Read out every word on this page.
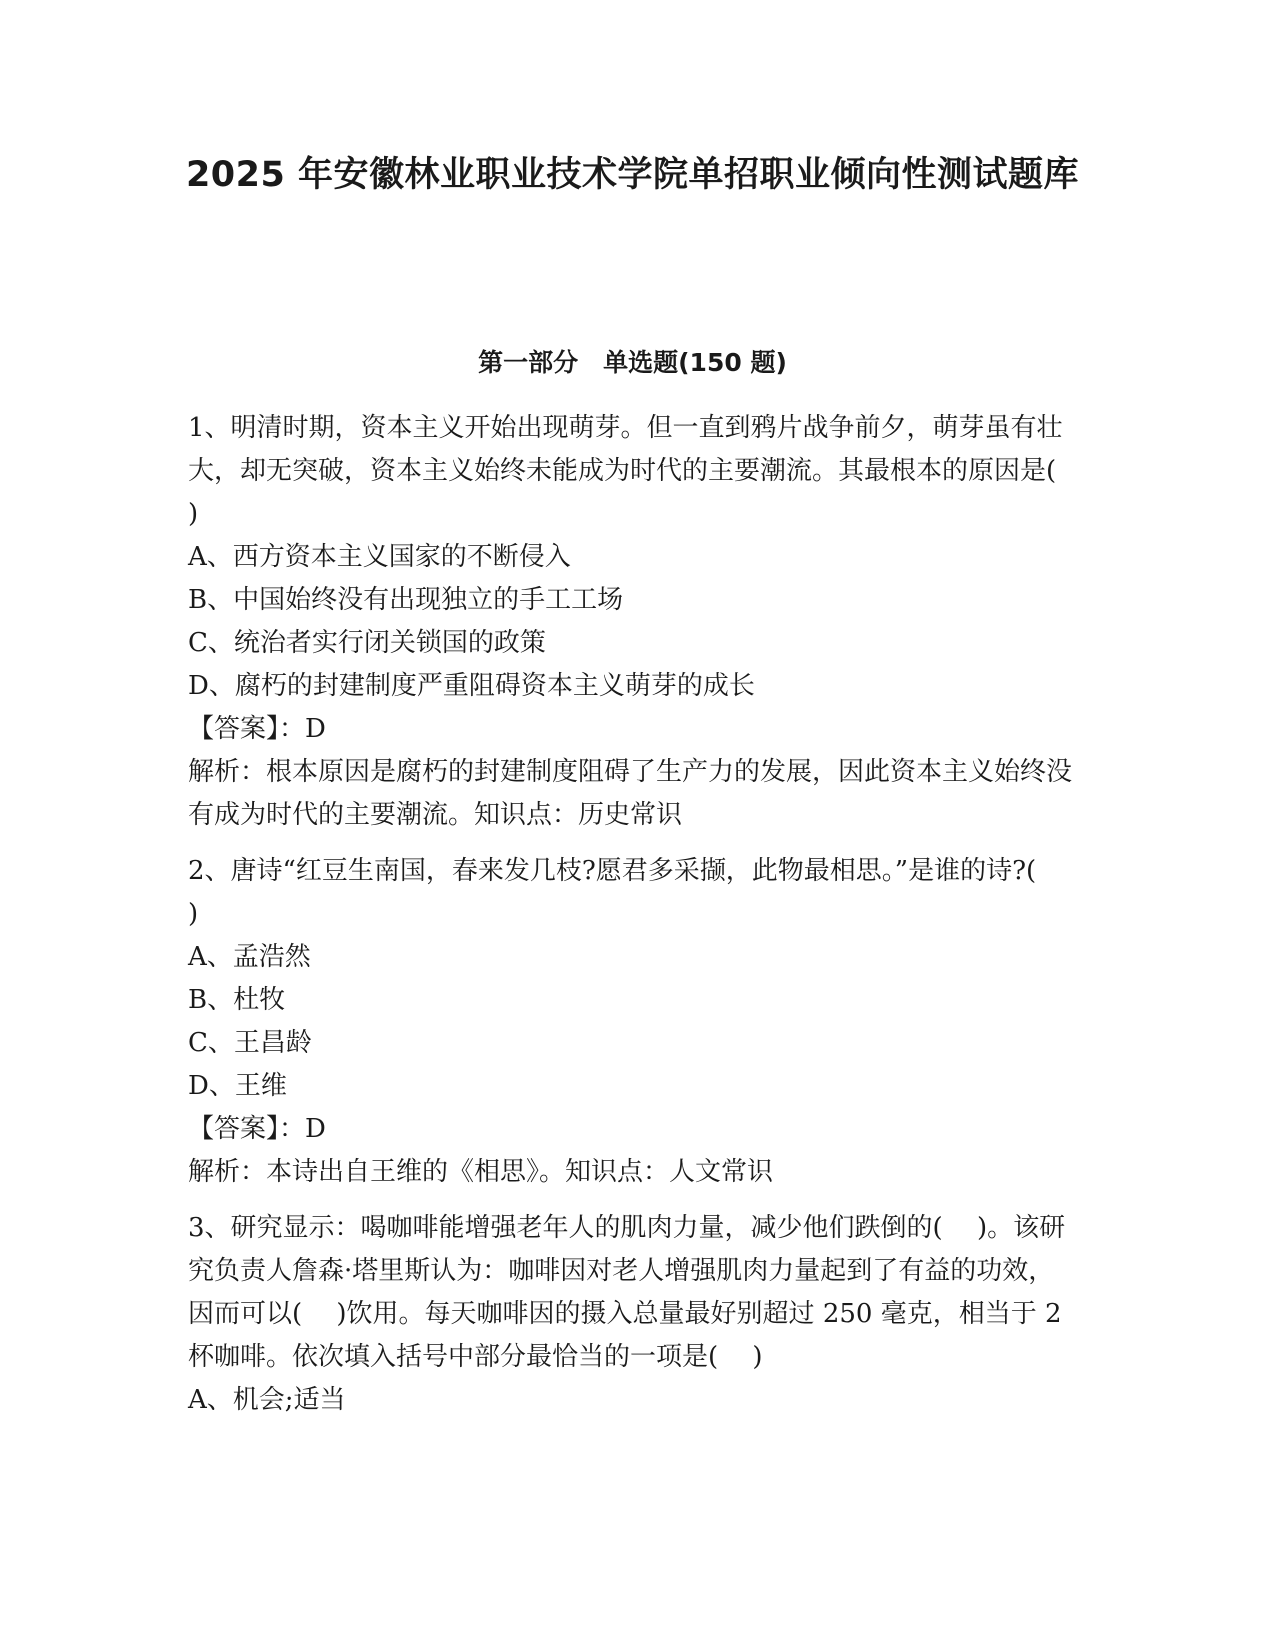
2025 年安徽林业职业技术学院单招职业倾向性测试题库
第一部分　单选题(150 题)
1、明清时期，资本主义开始出现萌芽。但一直到鸦片战争前夕，萌芽虽有壮大，却无突破，资本主义始终未能成为时代的主要潮流。其最根本的原因是(　 )
A、西方资本主义国家的不断侵入
B、中国始终没有出现独立的手工工场
C、统治者实行闭关锁国的政策
D、腐朽的封建制度严重阻碍资本主义萌芽的成长
【答案】：D
解析：根本原因是腐朽的封建制度阻碍了生产力的发展，因此资本主义始终没有成为时代的主要潮流。知识点：历史常识
2、唐诗“红豆生南国，春来发几枝?愿君多采撷，此物最相思。”是谁的诗?(　 )
A、孟浩然
B、杜牧
C、王昌龄
D、王维
【答案】：D
解析：本诗出自王维的《相思》。知识点：人文常识
3、研究显示：喝咖啡能增强老年人的肌肉力量，减少他们跌倒的(　 )。该研究负责人詹森·塔里斯认为：咖啡因对老人增强肌肉力量起到了有益的功效，因而可以(　 )饮用。每天咖啡因的摄入总量最好别超过 250 毫克，相当于 2 杯咖啡。依次填入括号中部分最恰当的一项是(　 )
A、机会;适当
